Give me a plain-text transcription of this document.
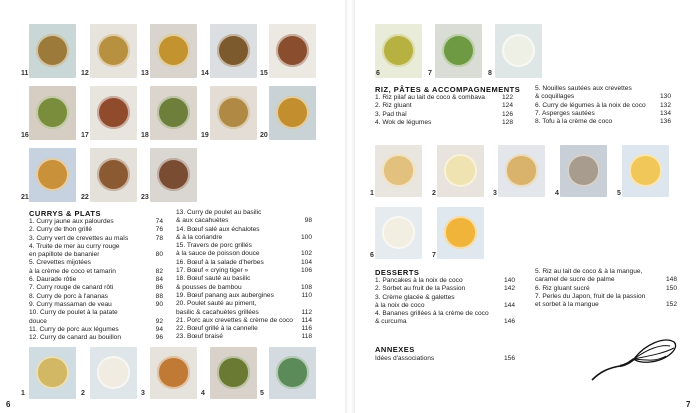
11	12	13	14	15
16	17	18	19	20
21	22	23
CURRYS & PLATS
1. Curry jaune aux palourdes	74
2. Curry de thon grillé	76
3. Curry vert de crevettes au maïs	78
4. Truite de mer au curry rouge
en papillote de bananier	80
5. Crevettes mijotées
à la crème de coco et tamarin	82
6. Daurade rôtie	84
7. Curry rouge de canard rôti	86
8. Curry de porc à l'ananas	88
9. Curry massaman de veau	90
10. Curry de poulet à la patate
douce	92
11. Curry de porc aux légumes	94
12. Curry de canard au bouillon	96
13. Curry de poulet au basilic
& aux cacahuètes	98
14. Bœuf salé aux échalotes
& à la coriandre	100
15. Travers de porc grillés
à la sauce de poisson douce	102
16. Bœuf à la salade d'herbes	104
17. Bœuf « crying tiger »	106
18. Bœuf sauté au basilic
& pousses de bambou	108
19. Bœuf panang aux aubergines	110
20. Poulet sauté au piment,
basilic & cacahuètes grillées	112
21. Porc aux crevettes & crème de coco	114
22. Bœuf grillé à la cannelle	116
23. Bœuf braisé	118
1	2	3	4	5
6
6	7	8
RIZ, PÂTES & ACCOMPAGNEMENTS
1. Riz pilaf au lait de coco & combava	122
2. Riz gluant	124
3. Pad thaï	126
4. Wok de légumes	128
5. Nouilles sautées aux crevettes
& coquillages	130
6. Curry de légumes à la noix de coco	132
7. Asperges sautées	134
8. Tofu à la crème de coco	136
1	2	3	4	5
6	7
DESSERTS
1. Pancakes à la noix de coco	140
2. Sorbet au fruit de la Passion	142
3. Crème glacée & galettes
à la noix de coco	144
4. Bananes grillées à la crème de coco
& curcuma	146
5. Riz au lait de coco & à la mangue,
caramel de sucre de palme	148
6. Riz gluant sucré	150
7. Perles du Japon, fruit de la passion
et sorbet à la mangue	152
ANNEXES
Idées d'associations	156
7
